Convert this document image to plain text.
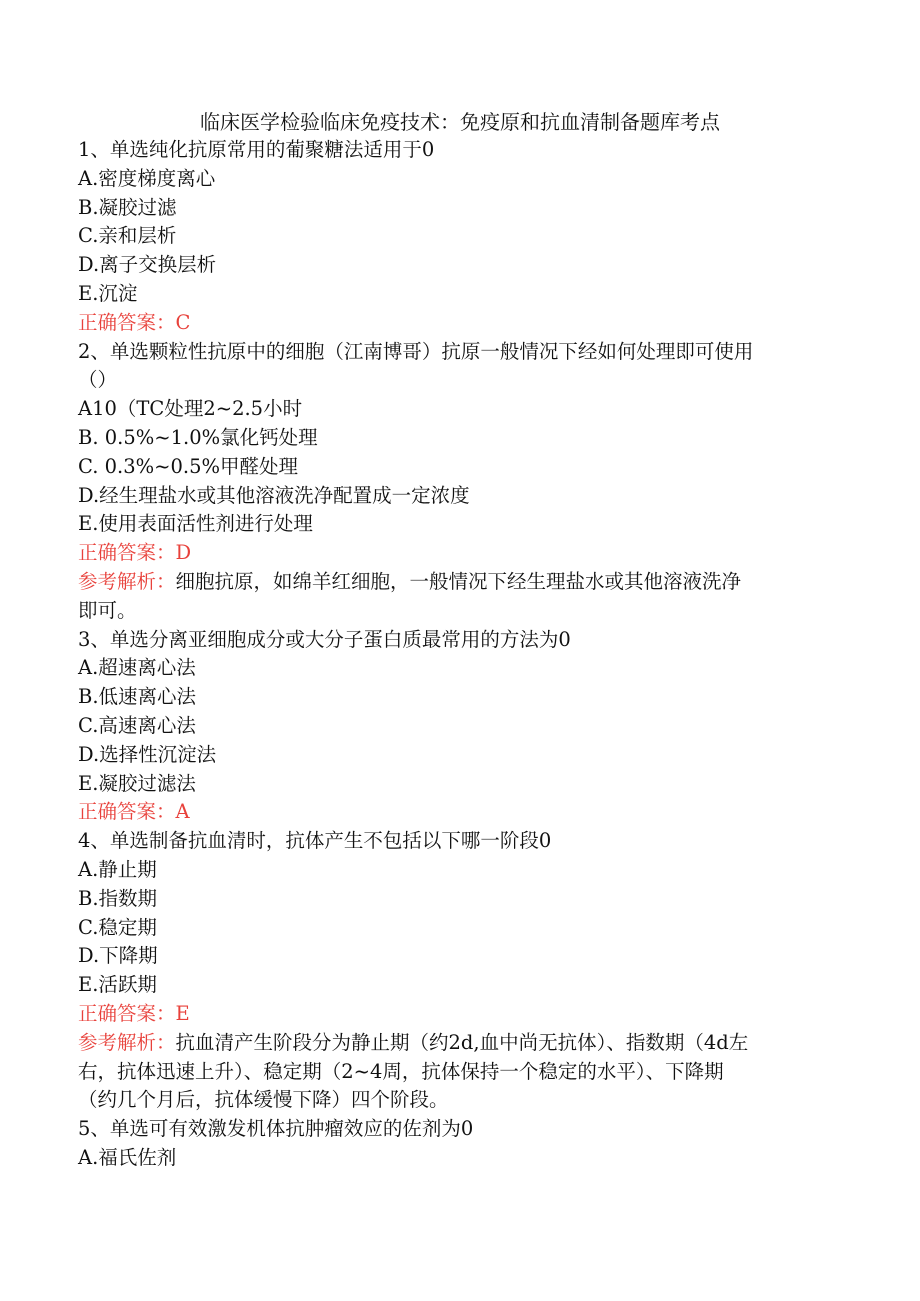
临床医学检验临床免疫技术：免疫原和抗血清制备题库考点
1、单选纯化抗原常用的葡聚糖法适用于0
A.密度梯度离心
B.凝胶过滤
C.亲和层析
D.离子交换层析
E.沉淀
正确答案：C
2、单选颗粒性抗原中的细胞（江南博哥）抗原一般情况下经如何处理即可使用
（）
A10（TC处理2~2.5小时
B. 0.5%~1.0%氯化钙处理
C. 0.3%~0.5%甲醛处理
D.经生理盐水或其他溶液洗净配置成一定浓度
E.使用表面活性剂进行处理
正确答案：D
参考解析：细胞抗原，如绵羊红细胞，一般情况下经生理盐水或其他溶液洗净
即可。
3、单选分离亚细胞成分或大分子蛋白质最常用的方法为0
A.超速离心法
B.低速离心法
C.高速离心法
D.选择性沉淀法
E.凝胶过滤法
正确答案：A
4、单选制备抗血清时，抗体产生不包括以下哪一阶段0
A.静止期
B.指数期
C.稳定期
D.下降期
E.活跃期
正确答案：E
参考解析：抗血清产生阶段分为静止期（约2d,血中尚无抗体）、指数期（4d左
右，抗体迅速上升）、稳定期（2~4周，抗体保持一个稳定的水平）、下降期
（约几个月后，抗体缓慢下降）四个阶段。
5、单选可有效激发机体抗肿瘤效应的佐剂为0
A.福氏佐剂
